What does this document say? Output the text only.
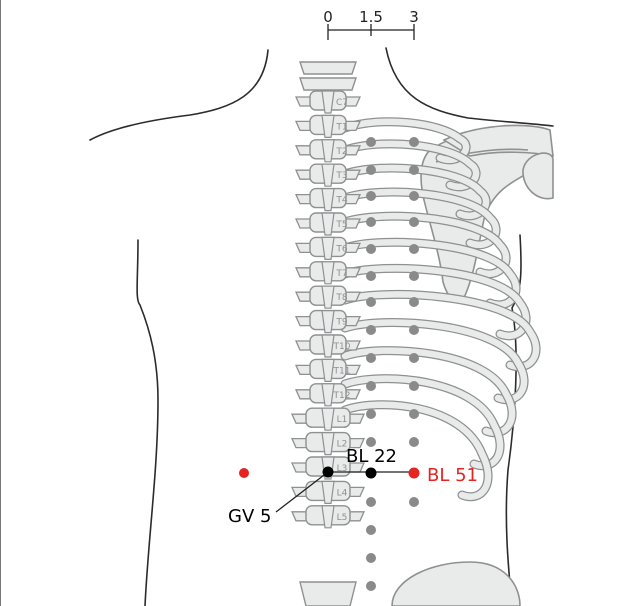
C7
T1
T2
T3
T4
T5
T6
T7
T8
T9
T10
T11
T12
L1
L2
L3
L4
L5
0 1.5 3
BL 22
BL 51
GV 5
